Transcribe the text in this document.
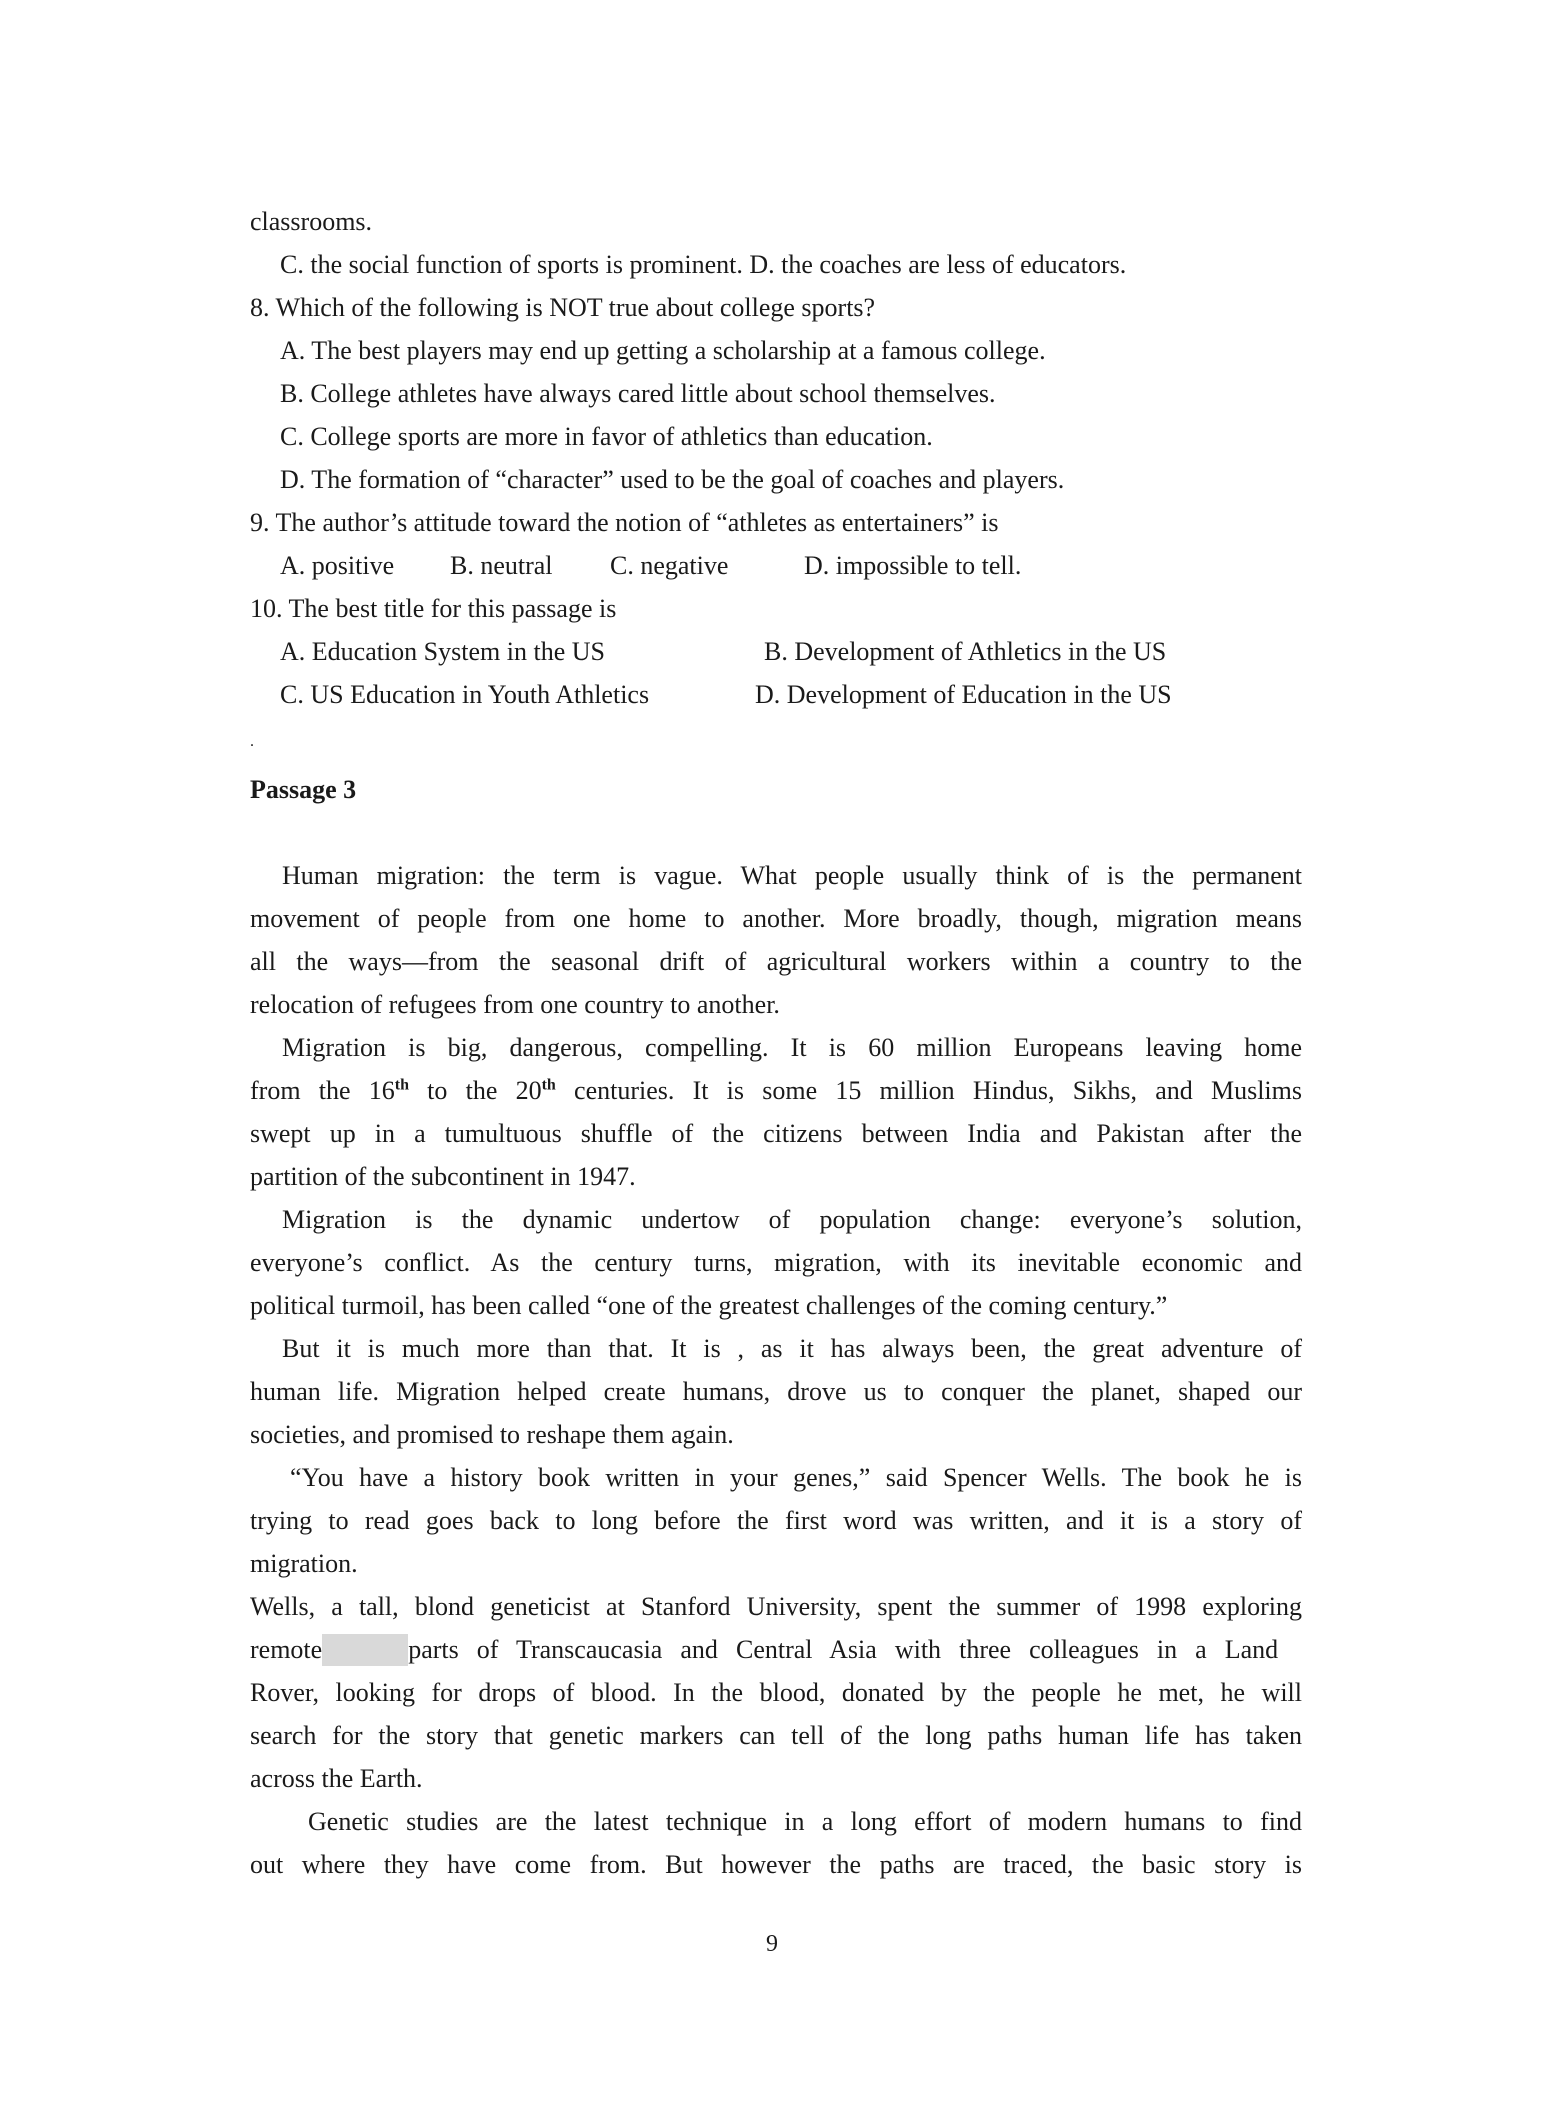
classrooms.
C. the social function of sports is prominent. D. the coaches are less of educators.
8. Which of the following is NOT true about college sports?
A. The best players may end up getting a scholarship at a famous college.
B. College athletes have always cared little about school themselves.
C. College sports are more in favor of athletics than education.
D. The formation of “character” used to be the goal of coaches and players.
9. The author’s attitude toward the notion of “athletes as entertainers” is
A. positive B. neutral C. negative	D. impossible to tell.
10. The best title for this passage is
A. Education System in the US	B. Development of Athletics in the US
C. US Education in Youth Athletics	D. Development of Education in the US
.
Passage 3
Human migration: the term is vague. What people usually think of is the permanent
movement of people from one home to another. More broadly, though, migration means
all the ways—from the seasonal drift of agricultural workers within a country to the
relocation of refugees from one country to another.
Migration is big, dangerous, compelling. It is 60 million Europeans leaving home
from the 16th to the 20th centuries. It is some 15 million Hindus, Sikhs, and Muslims
swept up in a tumultuous shuffle of the citizens between India and Pakistan after the
partition of the subcontinent in 1947.
Migration is the dynamic undertow of population change: everyone’s solution,
everyone’s conflict. As the century turns, migration, with its inevitable economic and
political turmoil, has been called “one of the greatest challenges of the coming century.”
But it is much more than that. It is , as it has always been, the great adventure of
human life. Migration helped create humans, drove us to conquer the planet, shaped our
societies, and promised to reshape them again.
“You have a history book written in your genes,” said Spencer Wells. The book he is
trying to read goes back to long before the first word was written, and it is a story of
migration.
Wells, a tall, blond geneticist at Stanford University, spent the summer of 1998 exploring
remote	parts of Transcaucasia and Central Asia with three colleagues in a Land
Rover, looking for drops of blood. In the blood, donated by the people he met, he will
search for the story that genetic markers can tell of the long paths human life has taken
across the Earth.
Genetic studies are the latest technique in a long effort of modern humans to find
out where they have come from. But however the paths are traced, the basic story is
9
